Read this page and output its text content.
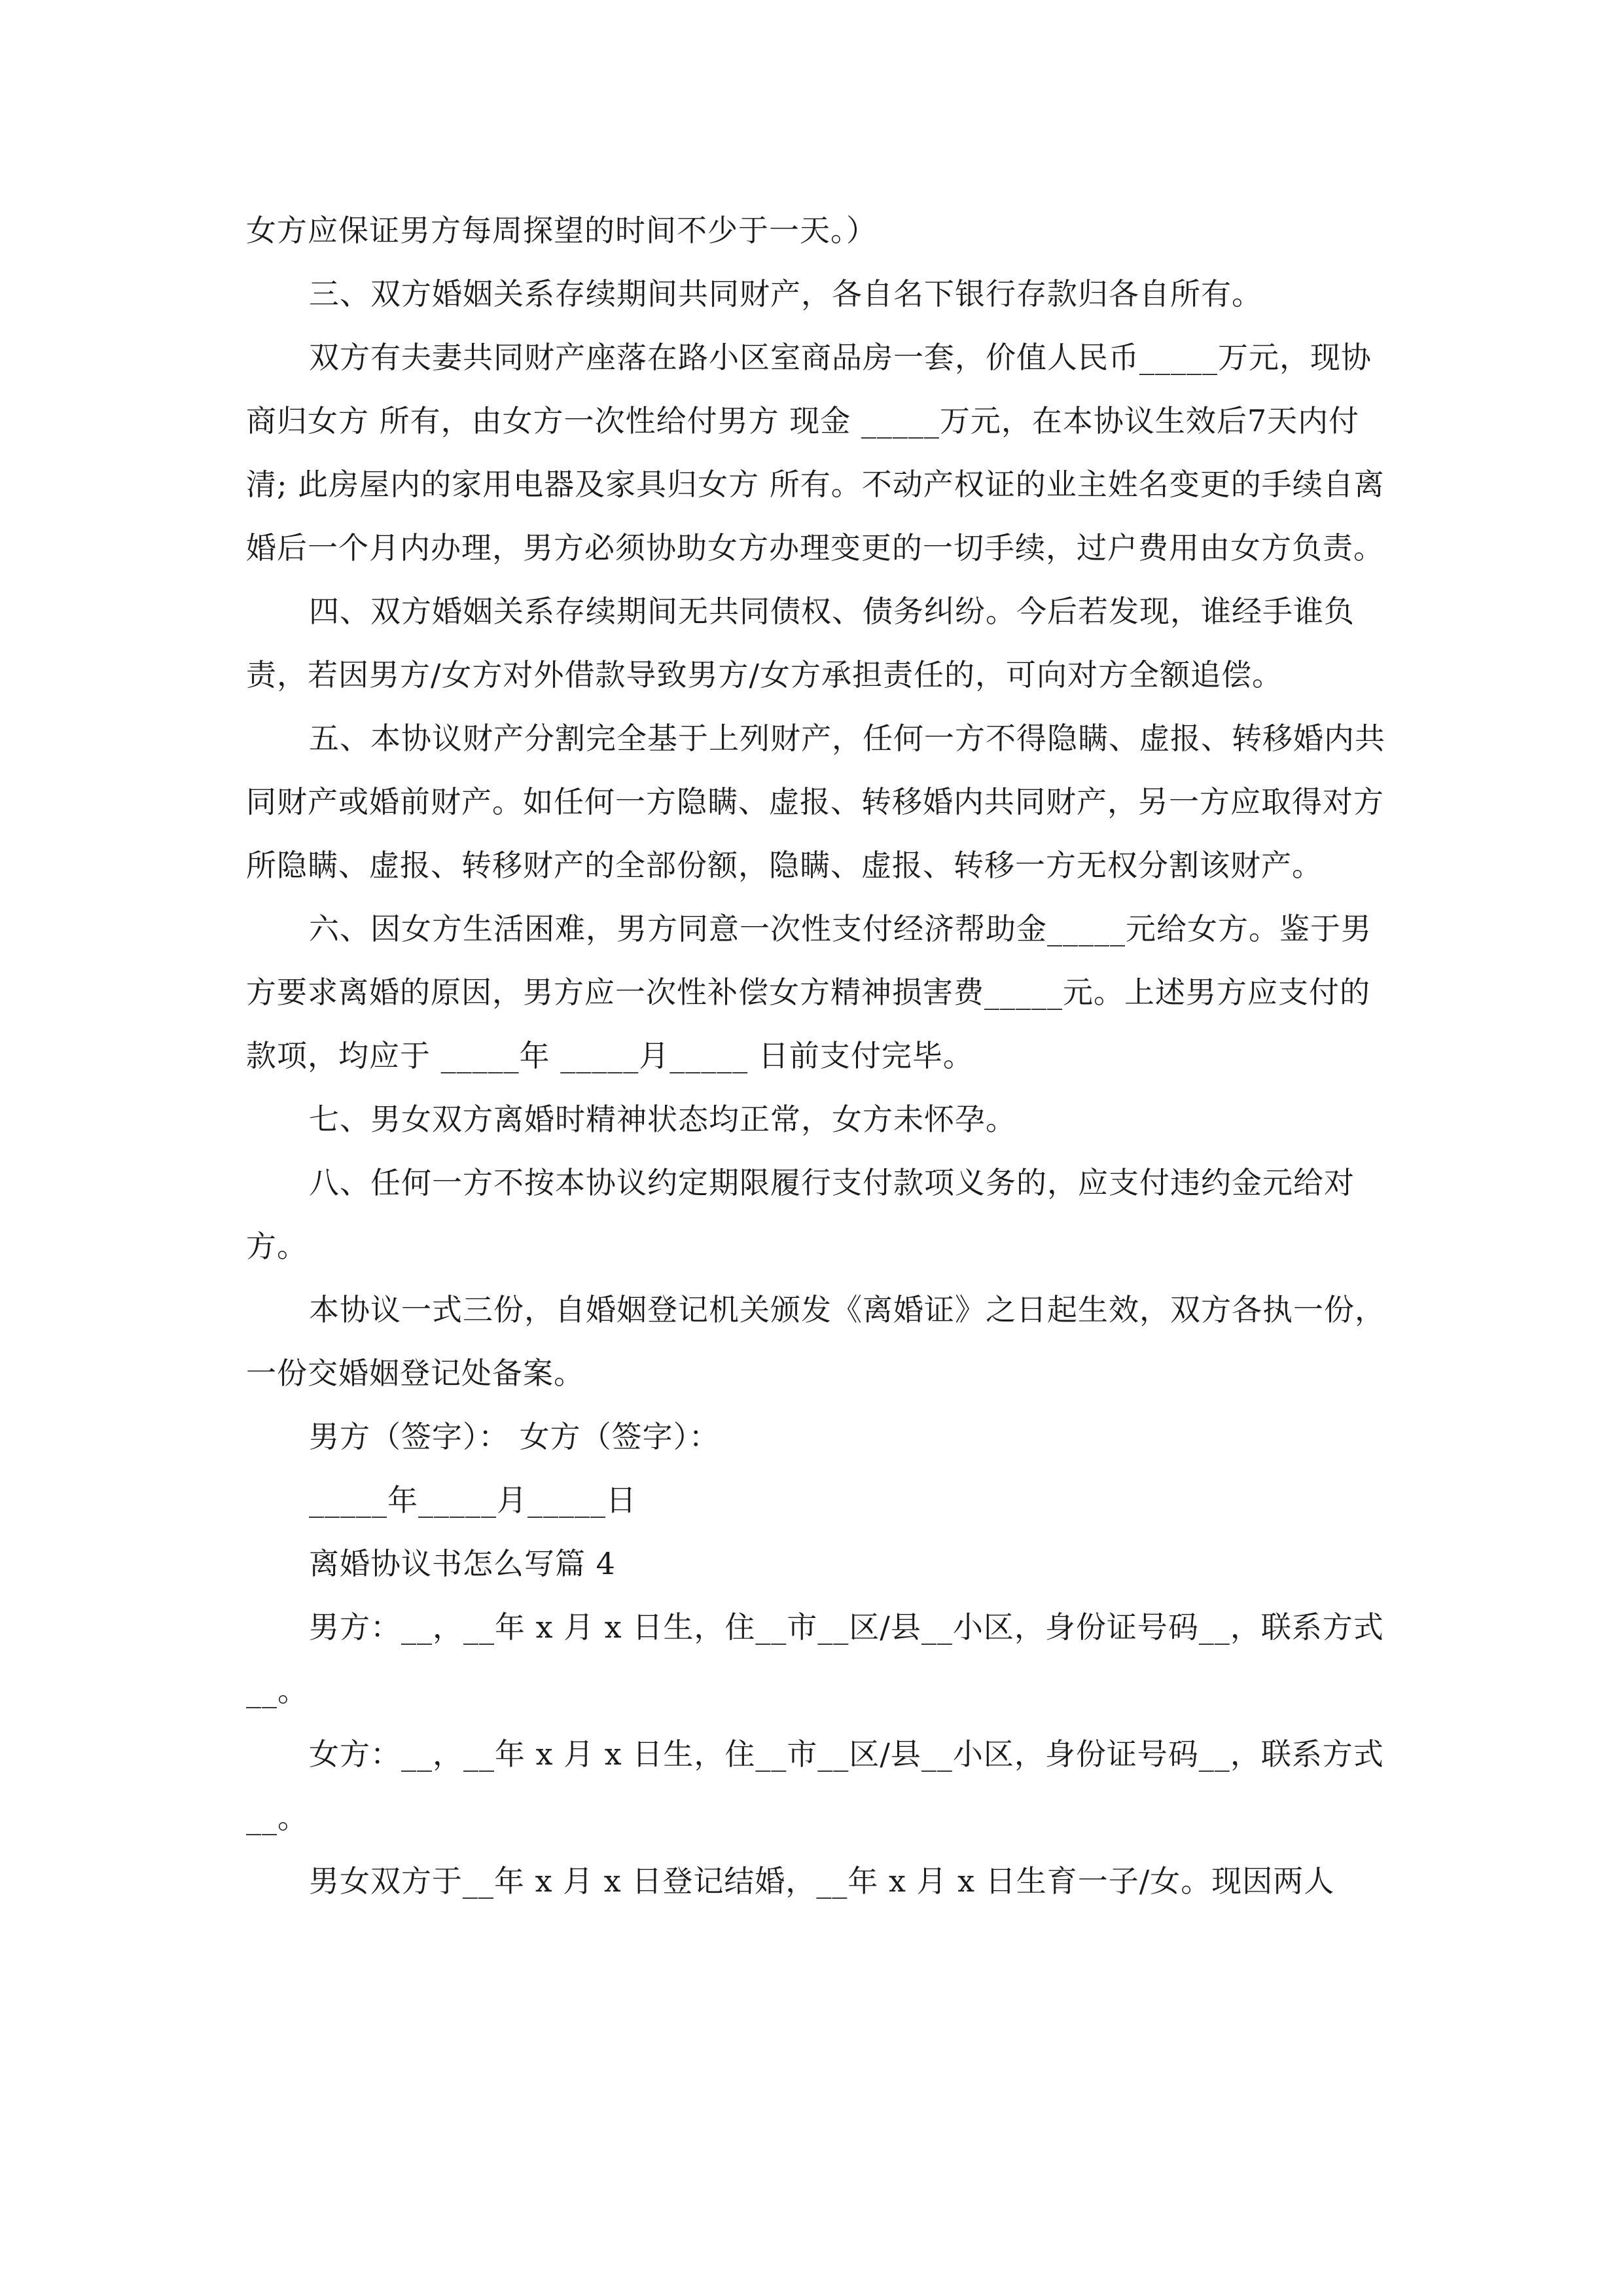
女方应保证男方每周探望的时间不少于一天。）

三、双方婚姻关系存续期间共同财产，各自名下银行存款归各自所有。

双方有夫妻共同财产座落在路小区室商品房一套，价值人民币_____万元，现协商归女方 所有，由女方一次性给付男方 现金 _____万元，在本协议生效后7天内付清; 此房屋内的家用电器及家具归女方 所有。不动产权证的业主姓名变更的手续自离婚后一个月内办理，男方必须协助女方办理变更的一切手续，过户费用由女方负责。

四、双方婚姻关系存续期间无共同债权、债务纠纷。今后若发现，谁经手谁负责，若因男方/女方对外借款导致男方/女方承担责任的，可向对方全额追偿。

五、本协议财产分割完全基于上列财产，任何一方不得隐瞒、虚报、转移婚内共同财产或婚前财产。如任何一方隐瞒、虚报、转移婚内共同财产，另一方应取得对方所隐瞒、虚报、转移财产的全部份额，隐瞒、虚报、转移一方无权分割该财产。

六、因女方生活困难，男方同意一次性支付经济帮助金_____元给女方。鉴于男方要求离婚的原因，男方应一次性补偿女方精神损害费_____元。上述男方应支付的款项，均应于 _____年 _____月_____ 日前支付完毕。

七、男女双方离婚时精神状态均正常，女方未怀孕。

八、任何一方不按本协议约定期限履行支付款项义务的，应支付违约金元给对方。

本协议一式三份，自婚姻登记机关颁发《离婚证》之日起生效，双方各执一份，一份交婚姻登记处备案。

男方（签字）： 女方（签字）：

_____年_____月_____日

离婚协议书怎么写篇 4

男方：__，__年 x 月 x 日生，住__市__区/县__小区，身份证号码__，联系方式__。

女方：__，__年 x 月 x 日生，住__市__区/县__小区，身份证号码__，联系方式__。

男女双方于__年 x 月 x 日登记结婚，__年 x 月 x 日生育一子/女。现因两人
